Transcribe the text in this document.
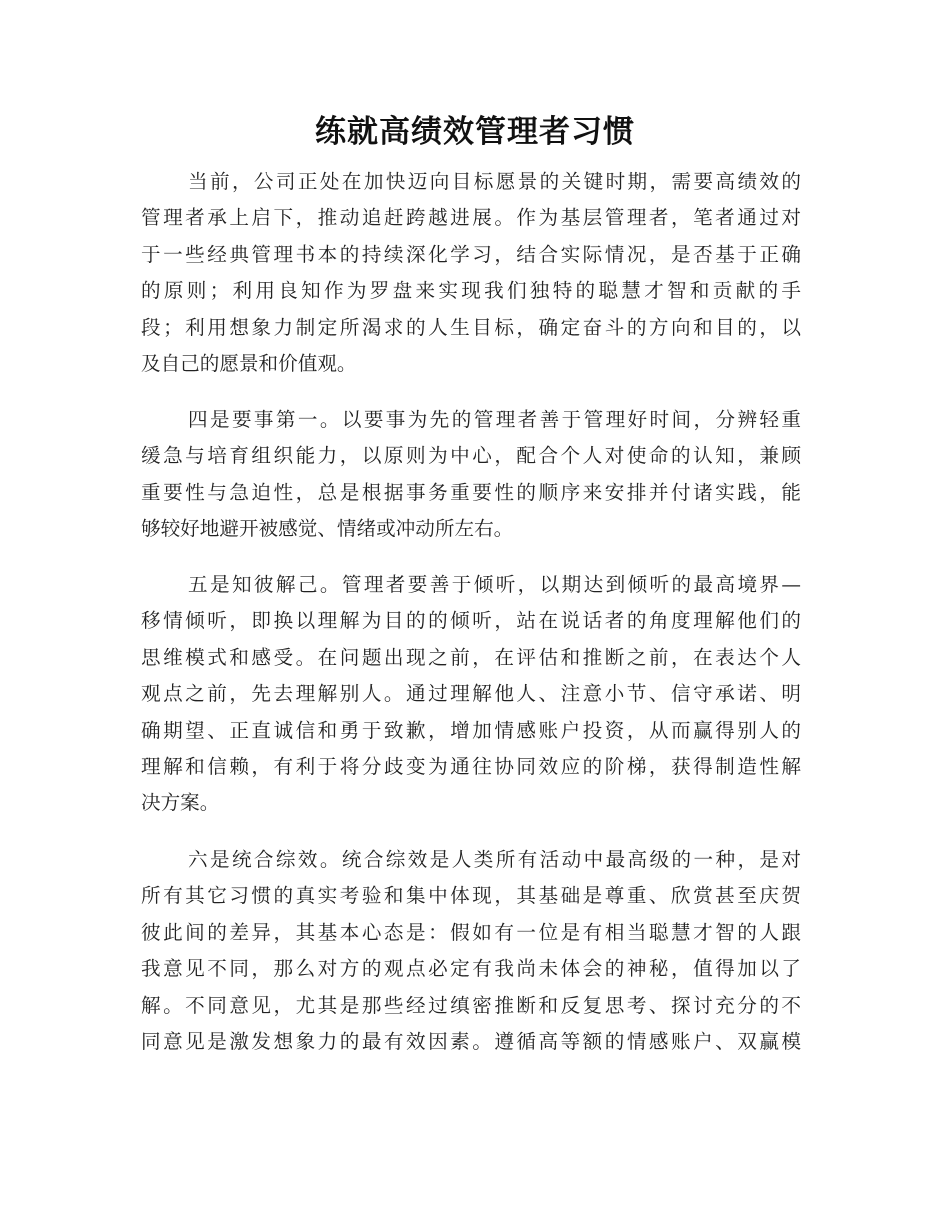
练就高绩效管理者习惯
当前，公司正处在加快迈向目标愿景的关键时期，需要高绩效的
管理者承上启下，推动追赶跨越进展。作为基层管理者，笔者通过对
于一些经典管理书本的持续深化学习，结合实际情况，是否基于正确
的原则；利用良知作为罗盘来实现我们独特的聪慧才智和贡献的手
段；利用想象力制定所渴求的人生目标，确定奋斗的方向和目的，以
及自己的愿景和价值观。
四是要事第一。以要事为先的管理者善于管理好时间，分辨轻重
缓急与培育组织能力，以原则为中心，配合个人对使命的认知，兼顾
重要性与急迫性，总是根据事务重要性的顺序来安排并付诸实践，能
够较好地避开被感觉、情绪或冲动所左右。
五是知彼解己。管理者要善于倾听，以期达到倾听的最高境界—
移情倾听，即换以理解为目的的倾听，站在说话者的角度理解他们的
思维模式和感受。在问题出现之前，在评估和推断之前，在表达个人
观点之前，先去理解别人。通过理解他人、注意小节、信守承诺、明
确期望、正直诚信和勇于致歉，增加情感账户投资，从而赢得别人的
理解和信赖，有利于将分歧变为通往协同效应的阶梯，获得制造性解
决方案。
六是统合综效。统合综效是人类所有活动中最高级的一种，是对
所有其它习惯的真实考验和集中体现，其基础是尊重、欣赏甚至庆贺
彼此间的差异，其基本心态是：假如有一位是有相当聪慧才智的人跟
我意见不同，那么对方的观点必定有我尚未体会的神秘，值得加以了
解。不同意见，尤其是那些经过缜密推断和反复思考、探讨充分的不
同意见是激发想象力的最有效因素。遵循高等额的情感账户、双赢模
